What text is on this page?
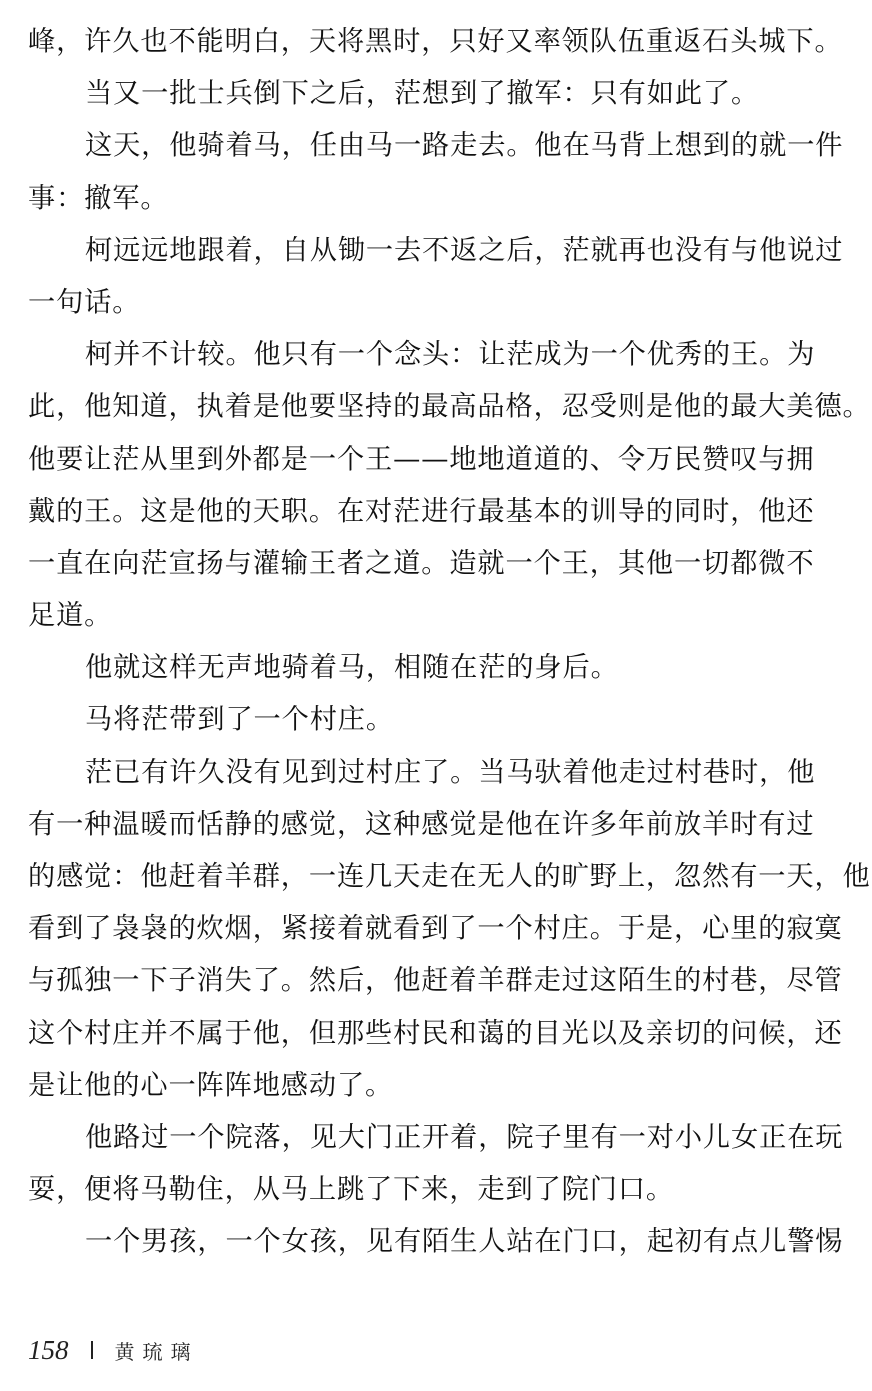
峰，许久也不能明白，天将黑时，只好又率领队伍重返石头城下。
当又一批士兵倒下之后，茫想到了撤军：只有如此了。
这天，他骑着马，任由马一路走去。他在马背上想到的就一件
事：撤军。
柯远远地跟着，自从锄一去不返之后，茫就再也没有与他说过
一句话。
柯并不计较。他只有一个念头：让茫成为一个优秀的王。为
此，他知道，执着是他要坚持的最高品格，忍受则是他的最大美德。
他要让茫从里到外都是一个王——地地道道的、令万民赞叹与拥
戴的王。这是他的天职。在对茫进行最基本的训导的同时，他还
一直在向茫宣扬与灌输王者之道。造就一个王，其他一切都微不
足道。
他就这样无声地骑着马，相随在茫的身后。
马将茫带到了一个村庄。
茫已有许久没有见到过村庄了。当马驮着他走过村巷时，他
有一种温暖而恬静的感觉，这种感觉是他在许多年前放羊时有过
的感觉：他赶着羊群，一连几天走在无人的旷野上，忽然有一天，他
看到了袅袅的炊烟，紧接着就看到了一个村庄。于是，心里的寂寞
与孤独一下子消失了。然后，他赶着羊群走过这陌生的村巷，尽管
这个村庄并不属于他，但那些村民和蔼的目光以及亲切的问候，还
是让他的心一阵阵地感动了。
他路过一个院落，见大门正开着，院子里有一对小儿女正在玩
耍，便将马勒住，从马上跳了下来，走到了院门口。
一个男孩，一个女孩，见有陌生人站在门口，起初有点儿警惕
158 黄琉璃
